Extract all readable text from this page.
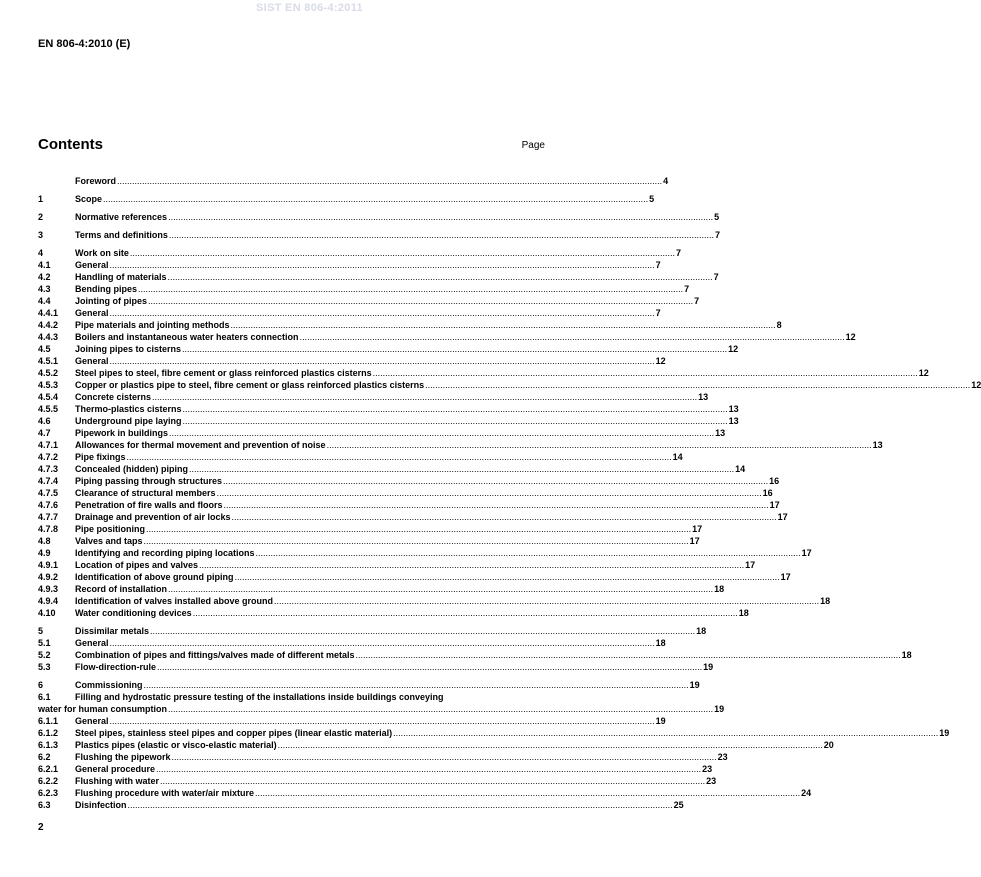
SIST EN 806-4:2011
EN 806-4:2010 (E)
Contents	Page
Foreword .......................................................................................................................................................................................................................... 4
1	Scope .......................................................................................................................................................................................................................... 5
2	Normative references .......................................................................................................................................................................................................................... 5
3	Terms and definitions .......................................................................................................................................................................................................................... 7
4	Work on site .......................................................................................................................................................................................................................... 7
4.1	General .......................................................................................................................................................................................................................... 7
4.2	Handling of materials .......................................................................................................................................................................................................................... 7
4.3	Bending pipes .......................................................................................................................................................................................................................... 7
4.4	Jointing of pipes .......................................................................................................................................................................................................................... 7
4.4.1	General .......................................................................................................................................................................................................................... 7
4.4.2	Pipe materials and jointing methods .......................................................................................................................................................................................................................... 8
4.4.3	Boilers and instantaneous water heaters connection .......................................................................................................................................................................................................................... 12
4.5	Joining pipes to cisterns .......................................................................................................................................................................................................................... 12
4.5.1	General .......................................................................................................................................................................................................................... 12
4.5.2	Steel pipes to steel, fibre cement or glass reinforced plastics cisterns .......................................................................................................................................................................................................................... 12
4.5.3	Copper or plastics pipe to steel, fibre cement or glass reinforced plastics cisterns .......................................................................................................................................................................................................................... 12
4.5.4	Concrete cisterns .......................................................................................................................................................................................................................... 13
4.5.5	Thermo-plastics cisterns .......................................................................................................................................................................................................................... 13
4.6	Underground pipe laying .......................................................................................................................................................................................................................... 13
4.7	Pipework in buildings .......................................................................................................................................................................................................................... 13
4.7.1	Allowances for thermal movement and prevention of noise .......................................................................................................................................................................................................................... 13
4.7.2	Pipe fixings .......................................................................................................................................................................................................................... 14
4.7.3	Concealed (hidden) piping .......................................................................................................................................................................................................................... 14
4.7.4	Piping passing through structures .......................................................................................................................................................................................................................... 16
4.7.5	Clearance of structural members .......................................................................................................................................................................................................................... 16
4.7.6	Penetration of fire walls and floors .......................................................................................................................................................................................................................... 17
4.7.7	Drainage and prevention of air locks .......................................................................................................................................................................................................................... 17
4.7.8	Pipe positioning .......................................................................................................................................................................................................................... 17
4.8	Valves and taps .......................................................................................................................................................................................................................... 17
4.9	Identifying and recording piping locations .......................................................................................................................................................................................................................... 17
4.9.1	Location of pipes and valves .......................................................................................................................................................................................................................... 17
4.9.2	Identification of above ground piping .......................................................................................................................................................................................................................... 17
4.9.3	Record of installation .......................................................................................................................................................................................................................... 18
4.9.4	Identification of valves installed above ground .......................................................................................................................................................................................................................... 18
4.10	Water conditioning devices .......................................................................................................................................................................................................................... 18
5	Dissimilar metals .......................................................................................................................................................................................................................... 18
5.1	General .......................................................................................................................................................................................................................... 18
5.2	Combination of pipes and fittings/valves made of different metals .......................................................................................................................................................................................................................... 18
5.3	Flow-direction-rule .......................................................................................................................................................................................................................... 19
6	Commissioning .......................................................................................................................................................................................................................... 19
6.1	Filling and hydrostatic pressure testing of the installations inside buildings conveying
water for human consumption .......................................................................................................................................................................................................................... 19
6.1.1	General .......................................................................................................................................................................................................................... 19
6.1.2	Steel pipes, stainless steel pipes and copper pipes (linear elastic material) .......................................................................................................................................................................................................................... 19
6.1.3	Plastics pipes (elastic or visco-elastic material) .......................................................................................................................................................................................................................... 20
6.2	Flushing the pipework .......................................................................................................................................................................................................................... 23
6.2.1	General procedure .......................................................................................................................................................................................................................... 23
6.2.2	Flushing with water .......................................................................................................................................................................................................................... 23
6.2.3	Flushing procedure with water/air mixture .......................................................................................................................................................................................................................... 24
6.3	Disinfection .......................................................................................................................................................................................................................... 25
2
